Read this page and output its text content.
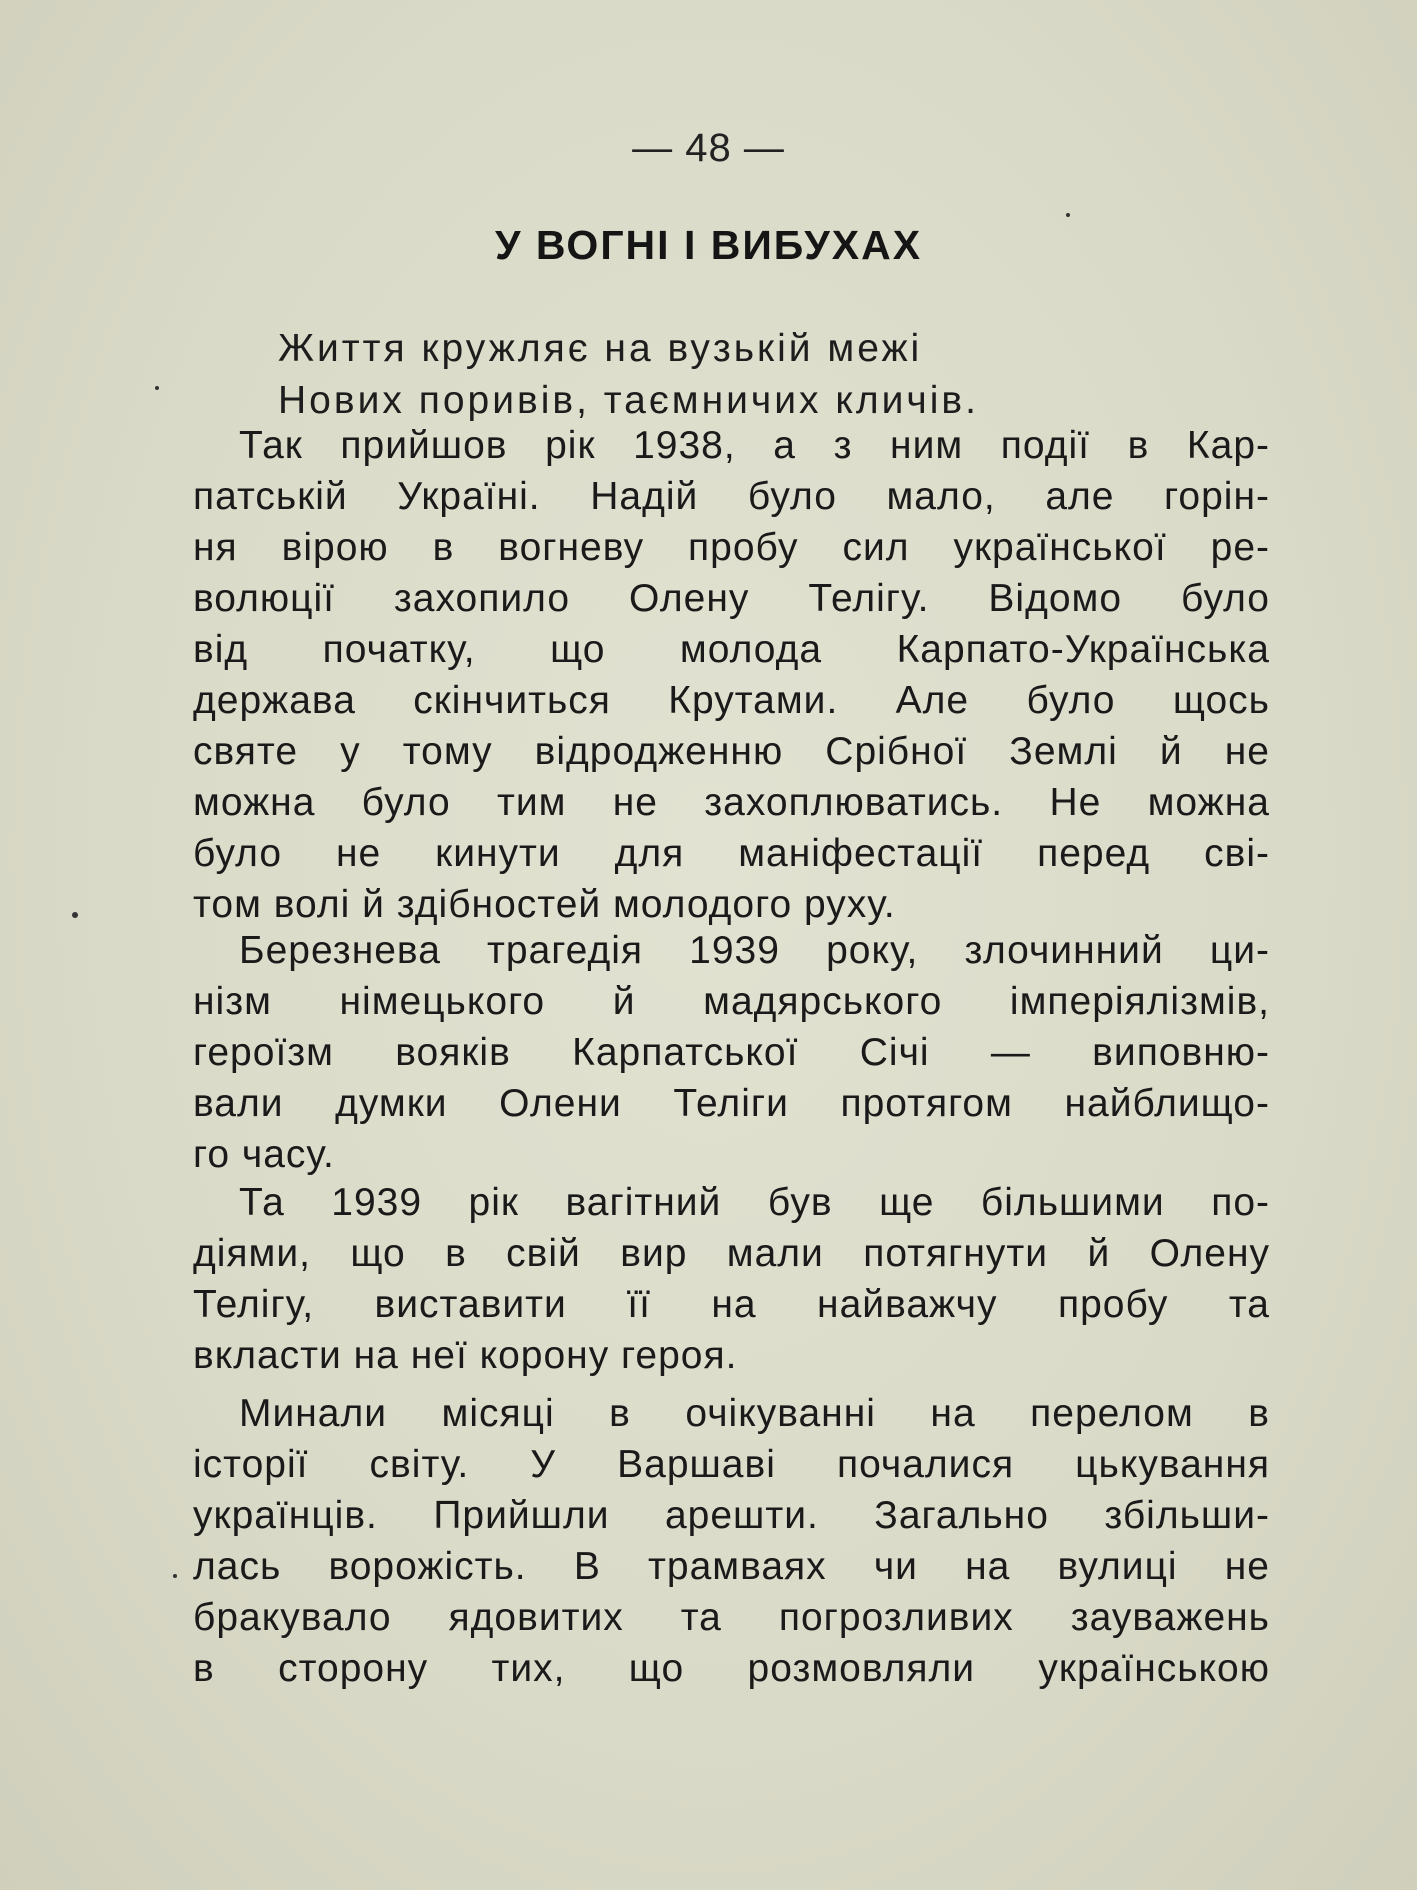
— 48 —
У ВОГНІ І ВИБУХАХ
Життя кружляє на вузькій межі
Нових поривів, таємничих кличів.
Так прийшов рік 1938, а з ним події в Кар-
патській Україні. Надій було мало, але горін-
ня вірою в вогневу пробу сил української ре-
волюції захопило Олену Телігу. Відомо було
від початку, що молода Карпато-Українська
держава скінчиться Крутами. Але було щось
святе у тому відродженню Срібної Землі й не
можна було тим не захоплюватись. Не можна
було не кинути для маніфестації перед сві-
том волі й здібностей молодого руху.
Березнева трагедія 1939 року, злочинний ци-
нізм німецького й мадярського імперіялізмів,
героїзм вояків Карпатської Січі — виповню-
вали думки Олени Теліги протягом найблищо-
го часу.
Та 1939 рік вагітний був ще більшими по-
діями, що в свій вир мали потягнути й Олену
Телігу, виставити її на найважчу пробу та
вкласти на неї корону героя.
Минали місяці в очікуванні на перелом в
історії світу. У Варшаві почалися цькування
українців. Прийшли арешти. Загально збільши-
лась ворожість. В трамваях чи на вулиці не
бракувало ядовитих та погрозливих зауважень
в сторону тих, що розмовляли українською
